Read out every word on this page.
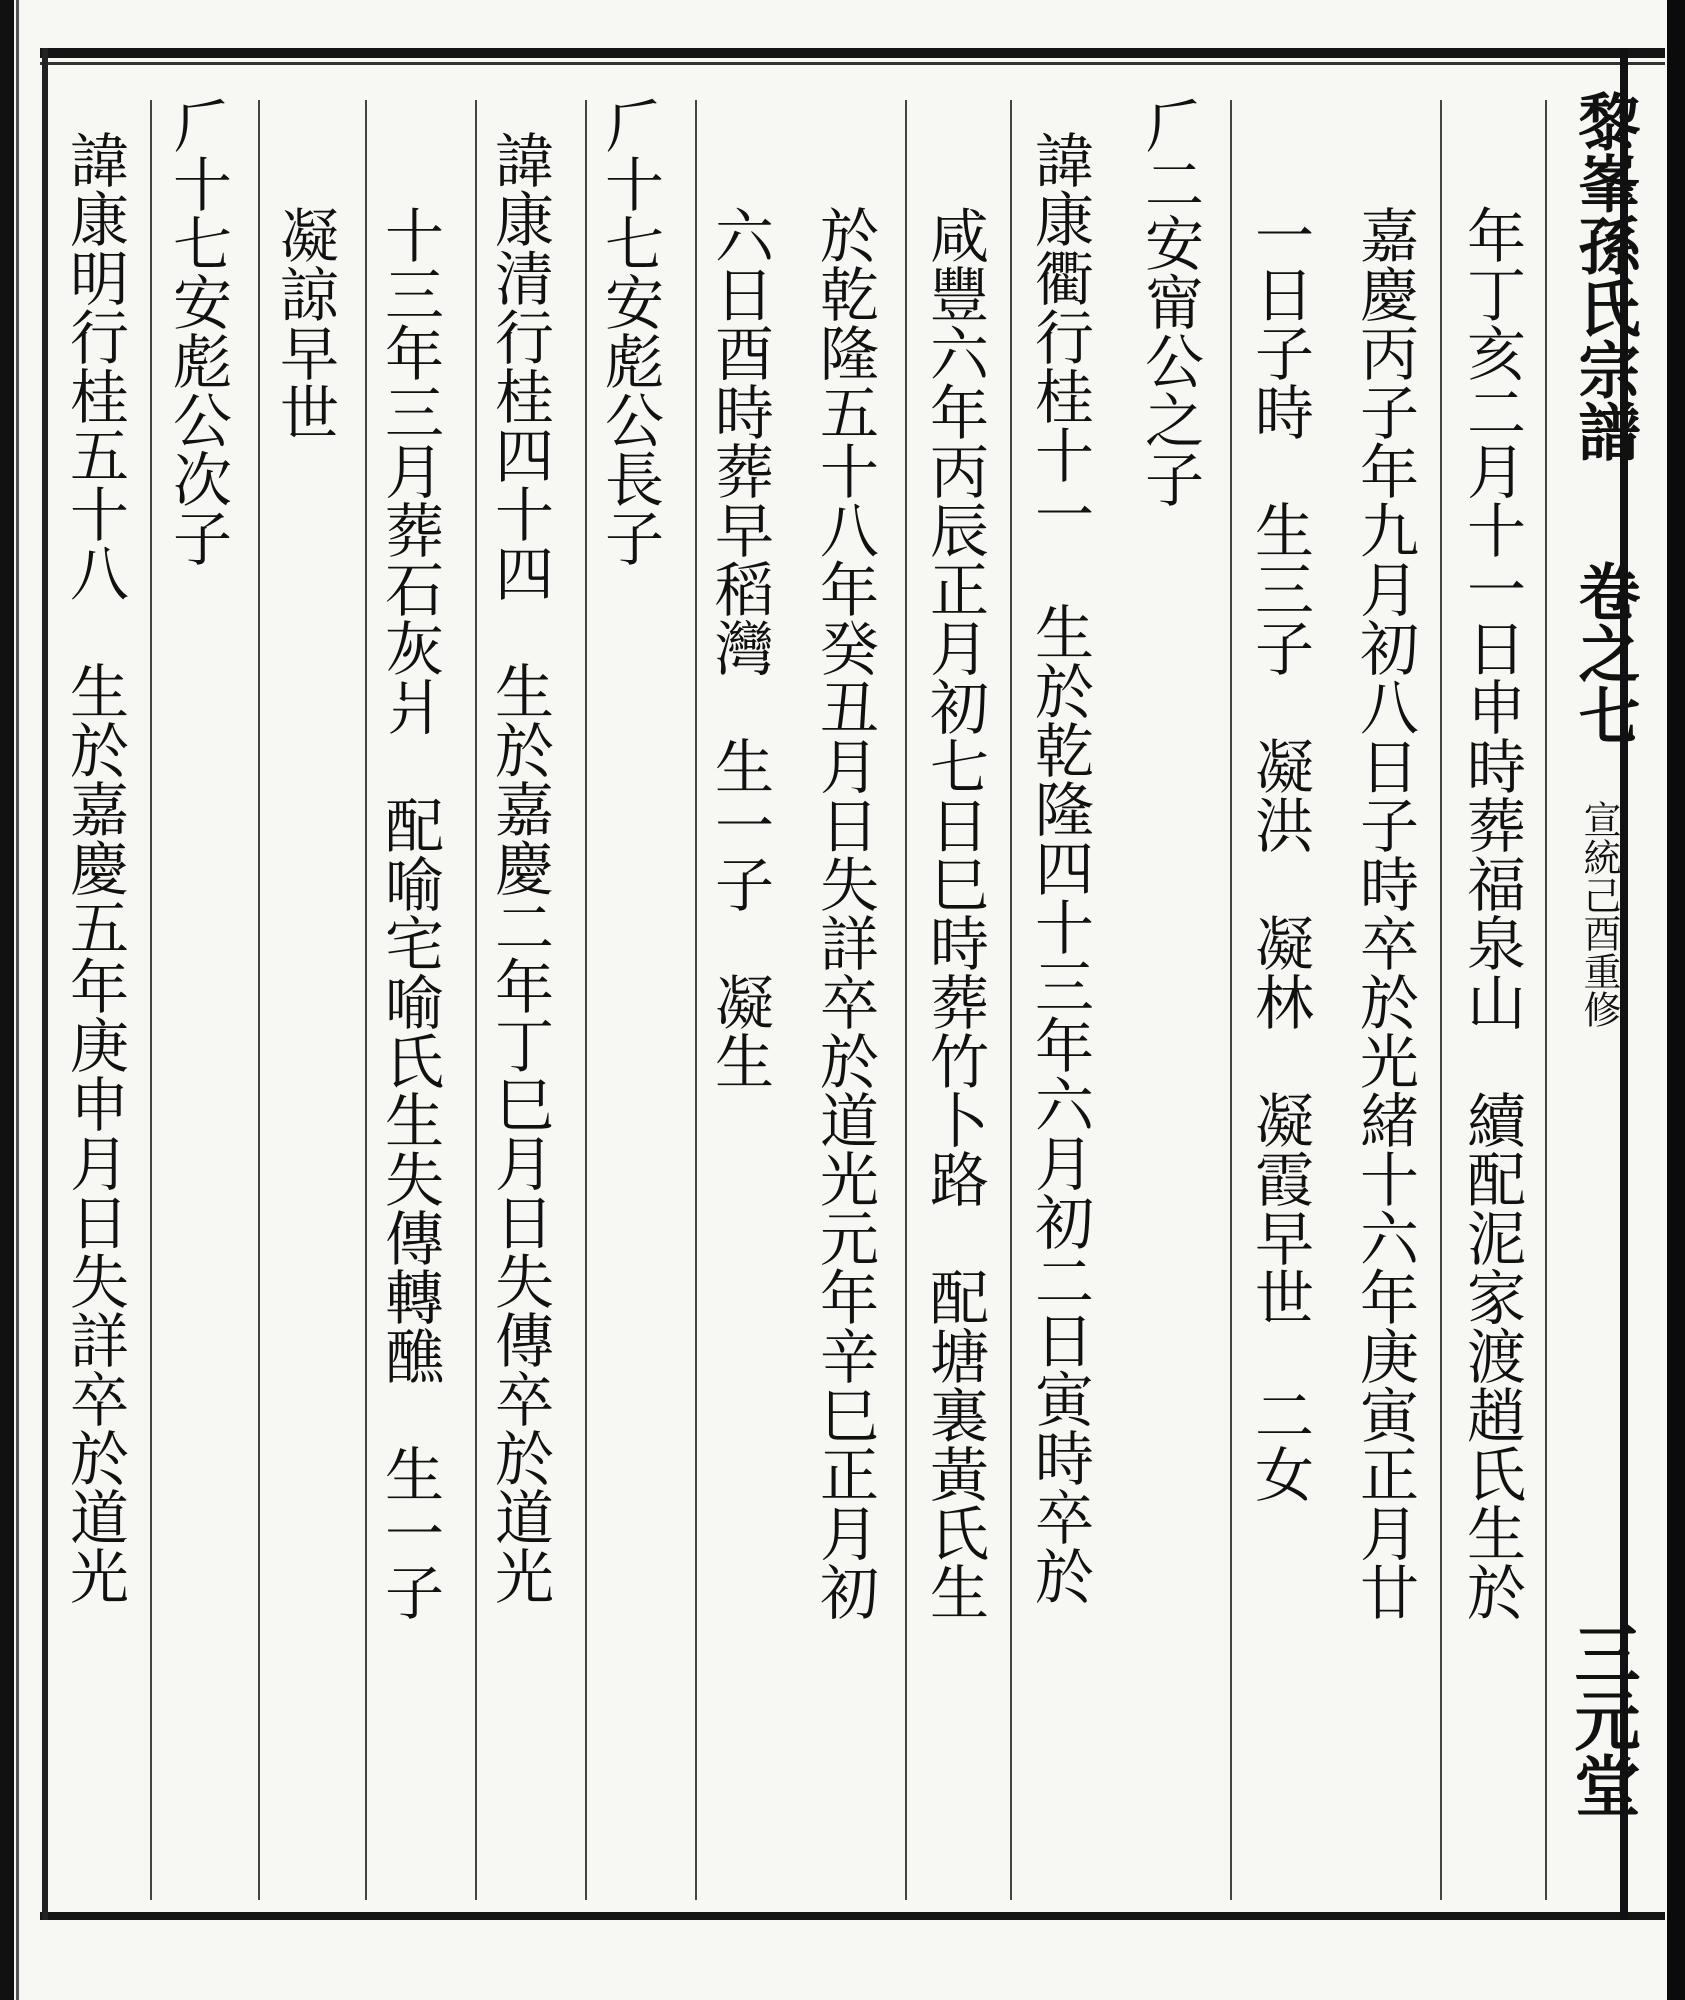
黎峯孫氏宗譜
卷之七
宣統己酉重修
三元堂
年丁亥二月十一日申時葬福泉山　續配泥家渡趙氏生於
嘉慶丙子年九月初八日子時卒於光緒十六年庚寅正月廿
一日子時　生三子　凝洪　凝林　凝霞早世　二女
𠂆二安甯公之子
諱康衢行桂十一　生於乾隆四十三年六月初二日寅時卒於
咸豐六年丙辰正月初七日巳時葬竹卜路　配塘裏黃氏生
於乾隆五十八年癸丑月日失詳卒於道光元年辛巳正月初
六日酉時葬早稻灣　生一子　凝生
𠂆十七安彪公長子
諱康清行桂四十四　生於嘉慶二年丁巳月日失傳卒於道光
十三年三月葬石灰爿　配喻宅喻氏生失傳轉醮　生一子
凝諒早世
𠂆十七安彪公次子
諱康明行桂五十八　生於嘉慶五年庚申月日失詳卒於道光
